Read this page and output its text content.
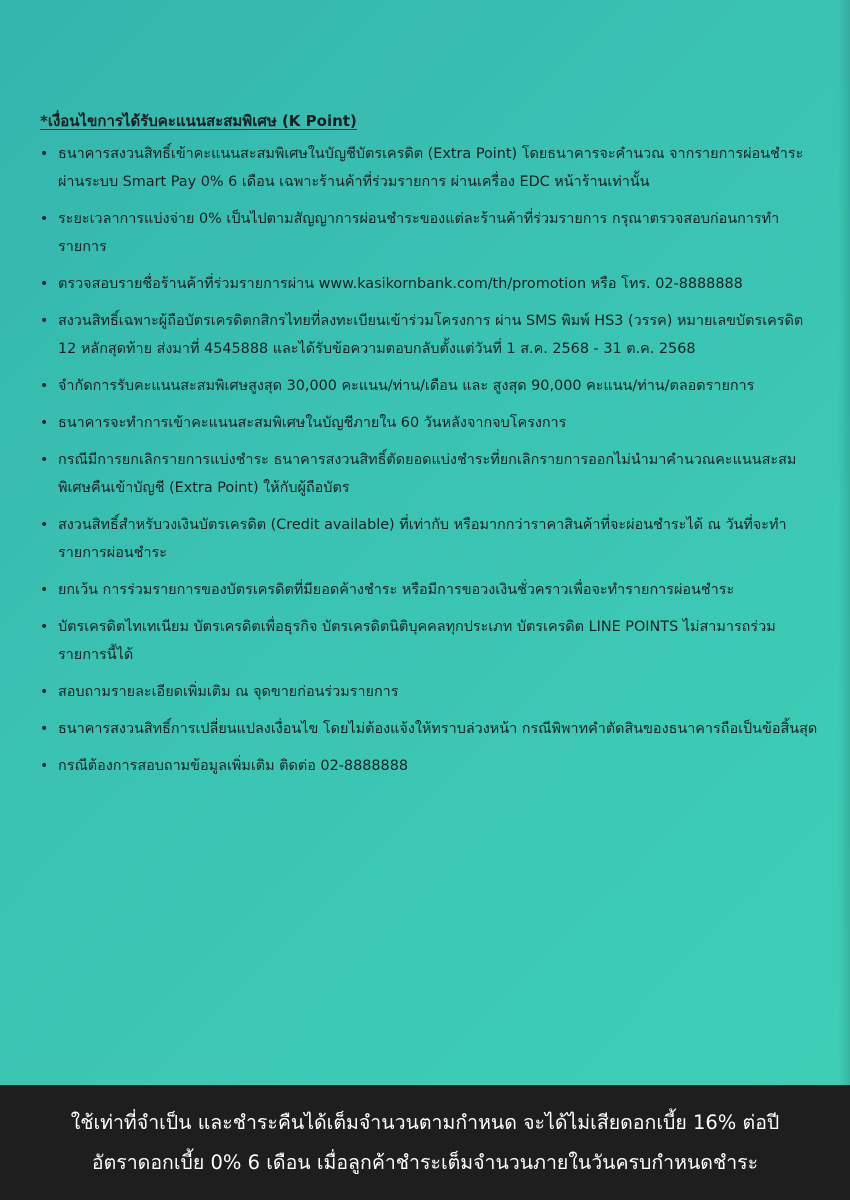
*เงื่อนไขการได้รับคะแนนสะสมพิเศษ (K Point)
• ธนาคารสงวนสิทธิ์เข้าคะแนนสะสมพิเศษในบัญชีบัตรเครดิต (Extra Point) โดยธนาคารจะคำนวณ จากรายการผ่อนชำระผ่านระบบ Smart Pay 0% 6 เดือน เฉพาะร้านค้าที่ร่วมรายการ ผ่านเครื่อง EDC หน้าร้านเท่านั้น
• ระยะเวลาการแบ่งจ่าย 0% เป็นไปตามสัญญาการผ่อนชำระของแต่ละร้านค้าที่ร่วมรายการ กรุณาตรวจสอบก่อนการทำรายการ
• ตรวจสอบรายชื่อร้านค้าที่ร่วมรายการผ่าน www.kasikornbank.com/th/promotion หรือ โทร. 02-8888888
• สงวนสิทธิ์เฉพาะผู้ถือบัตรเครดิตกสิกรไทยที่ลงทะเบียนเข้าร่วมโครงการ ผ่าน SMS พิมพ์ HS3 (วรรค) หมายเลขบัตรเครดิต 12 หลักสุดท้าย ส่งมาที่ 4545888 และได้รับข้อความตอบกลับตั้งแต่วันที่ 1 ส.ค. 2568 - 31 ต.ค. 2568
• จำกัดการรับคะแนนสะสมพิเศษสูงสุด 30,000 คะแนน/ท่าน/เดือน และ สูงสุด 90,000 คะแนน/ท่าน/ตลอดรายการ
• ธนาคารจะทำการเข้าคะแนนสะสมพิเศษในบัญชีภายใน 60 วันหลังจากจบโครงการ
• กรณีมีการยกเลิกรายการแบ่งชำระ ธนาคารสงวนสิทธิ์ตัดยอดแบ่งชำระที่ยกเลิกรายการออกไม่นำมาคำนวณคะแนนสะสมพิเศษคืนเข้าบัญชี (Extra Point) ให้กับผู้ถือบัตร
• สงวนสิทธิ์สำหรับวงเงินบัตรเครดิต (Credit available) ที่เท่ากับ หรือมากกว่าราคาสินค้าที่จะผ่อนชำระได้ ณ วันที่จะทำรายการผ่อนชำระ
• ยกเว้น การร่วมรายการของบัตรเครดิตที่มียอดค้างชำระ หรือมีการขอวงเงินชั่วคราวเพื่อจะทำรายการผ่อนชำระ
• บัตรเครดิตไทเทเนียม บัตรเครดิตเพื่อธุรกิจ บัตรเครดิตนิติบุคคลทุกประเภท บัตรเครดิต LINE POINTS ไม่สามารถร่วมรายการนี้ได้
• สอบถามรายละเอียดเพิ่มเติม ณ จุดขายก่อนร่วมรายการ
• ธนาคารสงวนสิทธิ์การเปลี่ยนแปลงเงื่อนไข โดยไม่ต้องแจ้งให้ทราบล่วงหน้า กรณีพิพาทคำตัดสินของธนาคารถือเป็นข้อสิ้นสุด
• กรณีต้องการสอบถามข้อมูลเพิ่มเติม ติดต่อ 02-8888888
ใช้เท่าที่จำเป็น และชำระคืนได้เต็มจำนวนตามกำหนด จะได้ไม่เสียดอกเบี้ย 16% ต่อปี
อัตราดอกเบี้ย 0% 6 เดือน เมื่อลูกค้าชำระเต็มจำนวนภายในวันครบกำหนดชำระ
